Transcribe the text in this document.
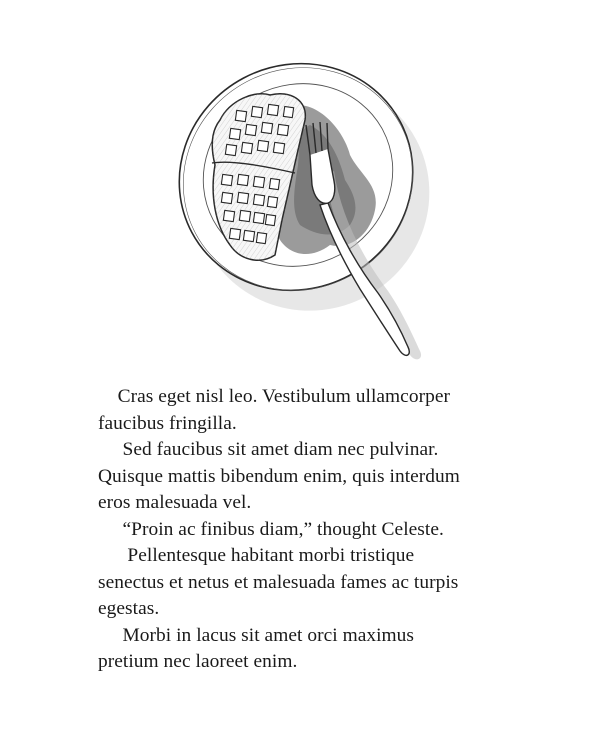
Cras eget nisl leo. Vestibulum ullamcorper
faucibus fringilla.
Sed faucibus sit amet diam nec pulvinar.
Quisque mattis bibendum enim, quis interdum
eros malesuada vel.
“Proin ac finibus diam,” thought Celeste.
Pellentesque habitant morbi tristique
senectus et netus et malesuada fames ac turpis
egestas.
Morbi in lacus sit amet orci maximus
pretium nec laoreet enim.
